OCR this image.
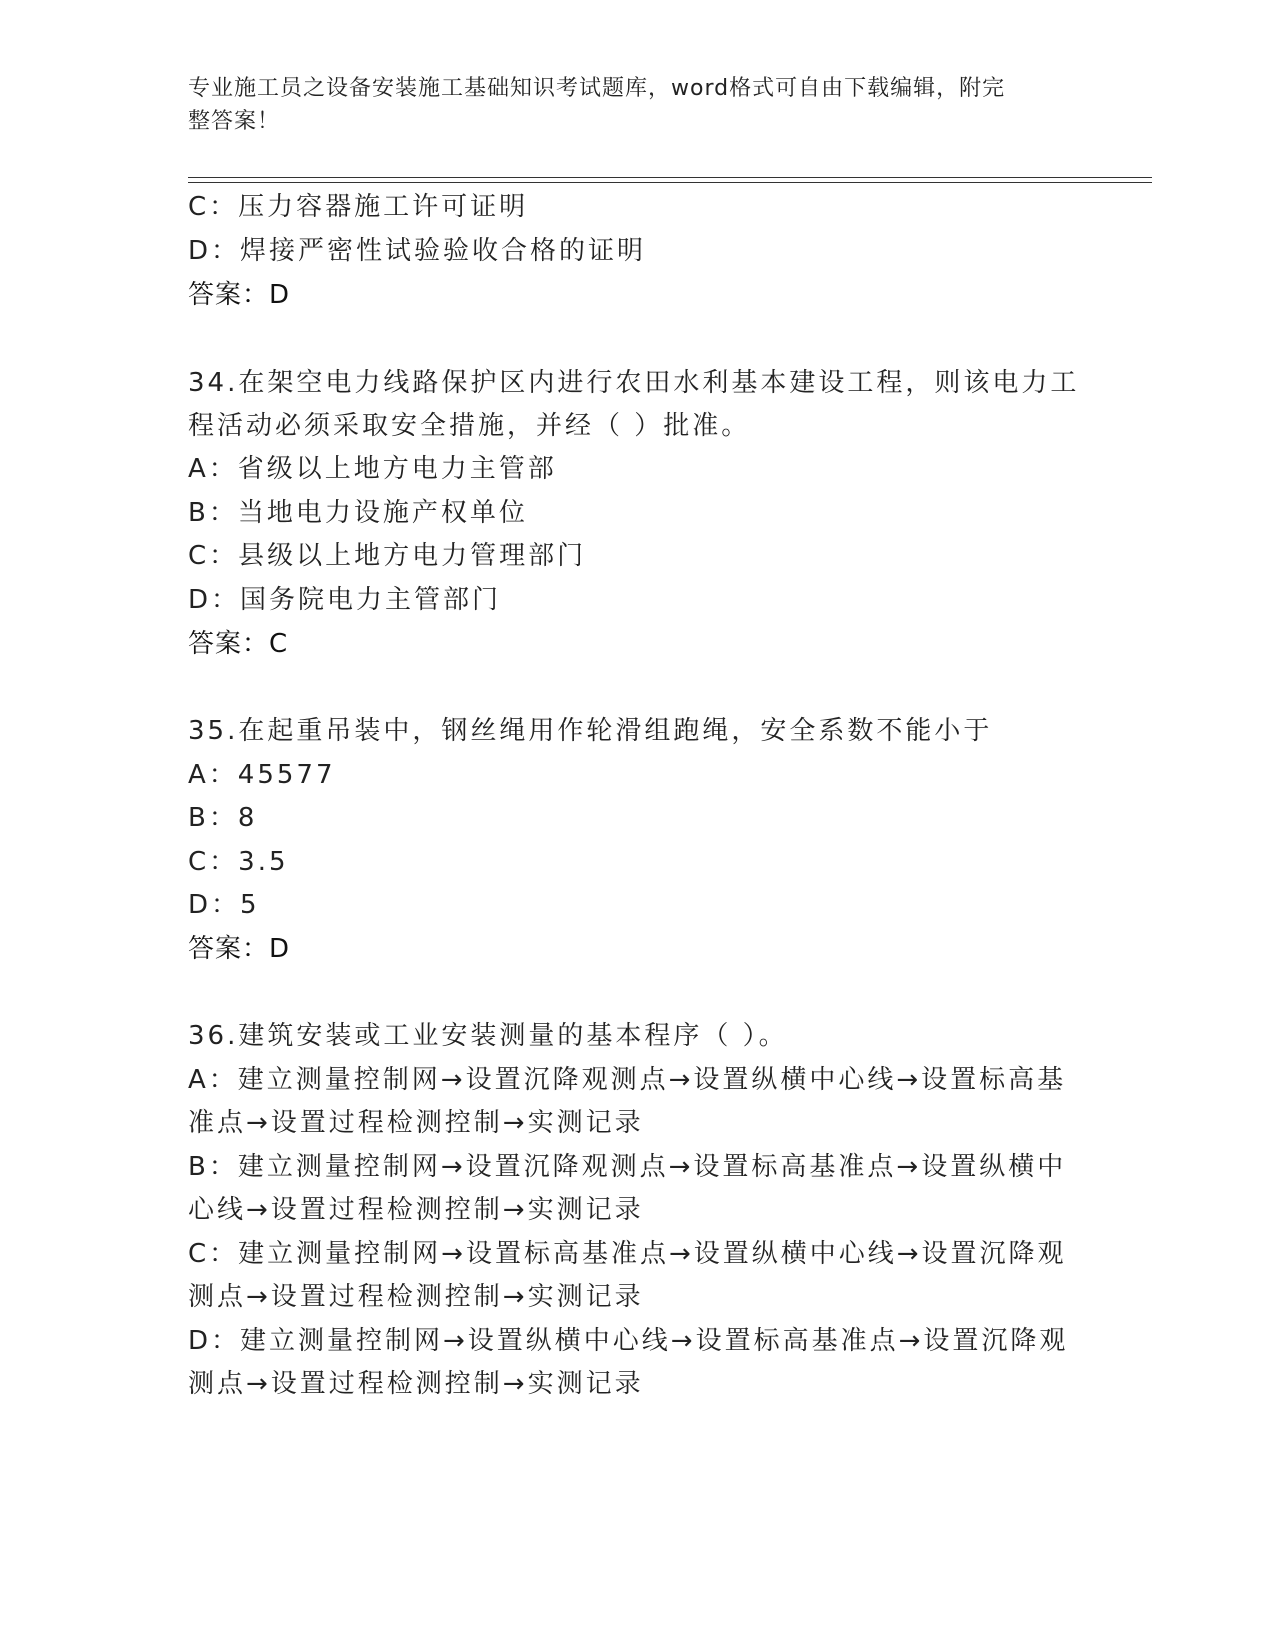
专业施工员之设备安装施工基础知识考试题库，word格式可自由下载编辑，附完
整答案！
C：压力容器施工许可证明
D：焊接严密性试验验收合格的证明
答案：D
34.在架空电力线路保护区内进行农田水利基本建设工程，则该电力工
程活动必须采取安全措施，并经（ ）批准。
A：省级以上地方电力主管部
B：当地电力设施产权单位
C：县级以上地方电力管理部门
D：国务院电力主管部门
答案：C
35.在起重吊装中，钢丝绳用作轮滑组跑绳，安全系数不能小于
A：45577
B：8
C：3.5
D：5
答案：D
36.建筑安装或工业安装测量的基本程序（ ）。
A：建立测量控制网→设置沉降观测点→设置纵横中心线→设置标高基
准点→设置过程检测控制→实测记录
B：建立测量控制网→设置沉降观测点→设置标高基准点→设置纵横中
心线→设置过程检测控制→实测记录
C：建立测量控制网→设置标高基准点→设置纵横中心线→设置沉降观
测点→设置过程检测控制→实测记录
D：建立测量控制网→设置纵横中心线→设置标高基准点→设置沉降观
测点→设置过程检测控制→实测记录
